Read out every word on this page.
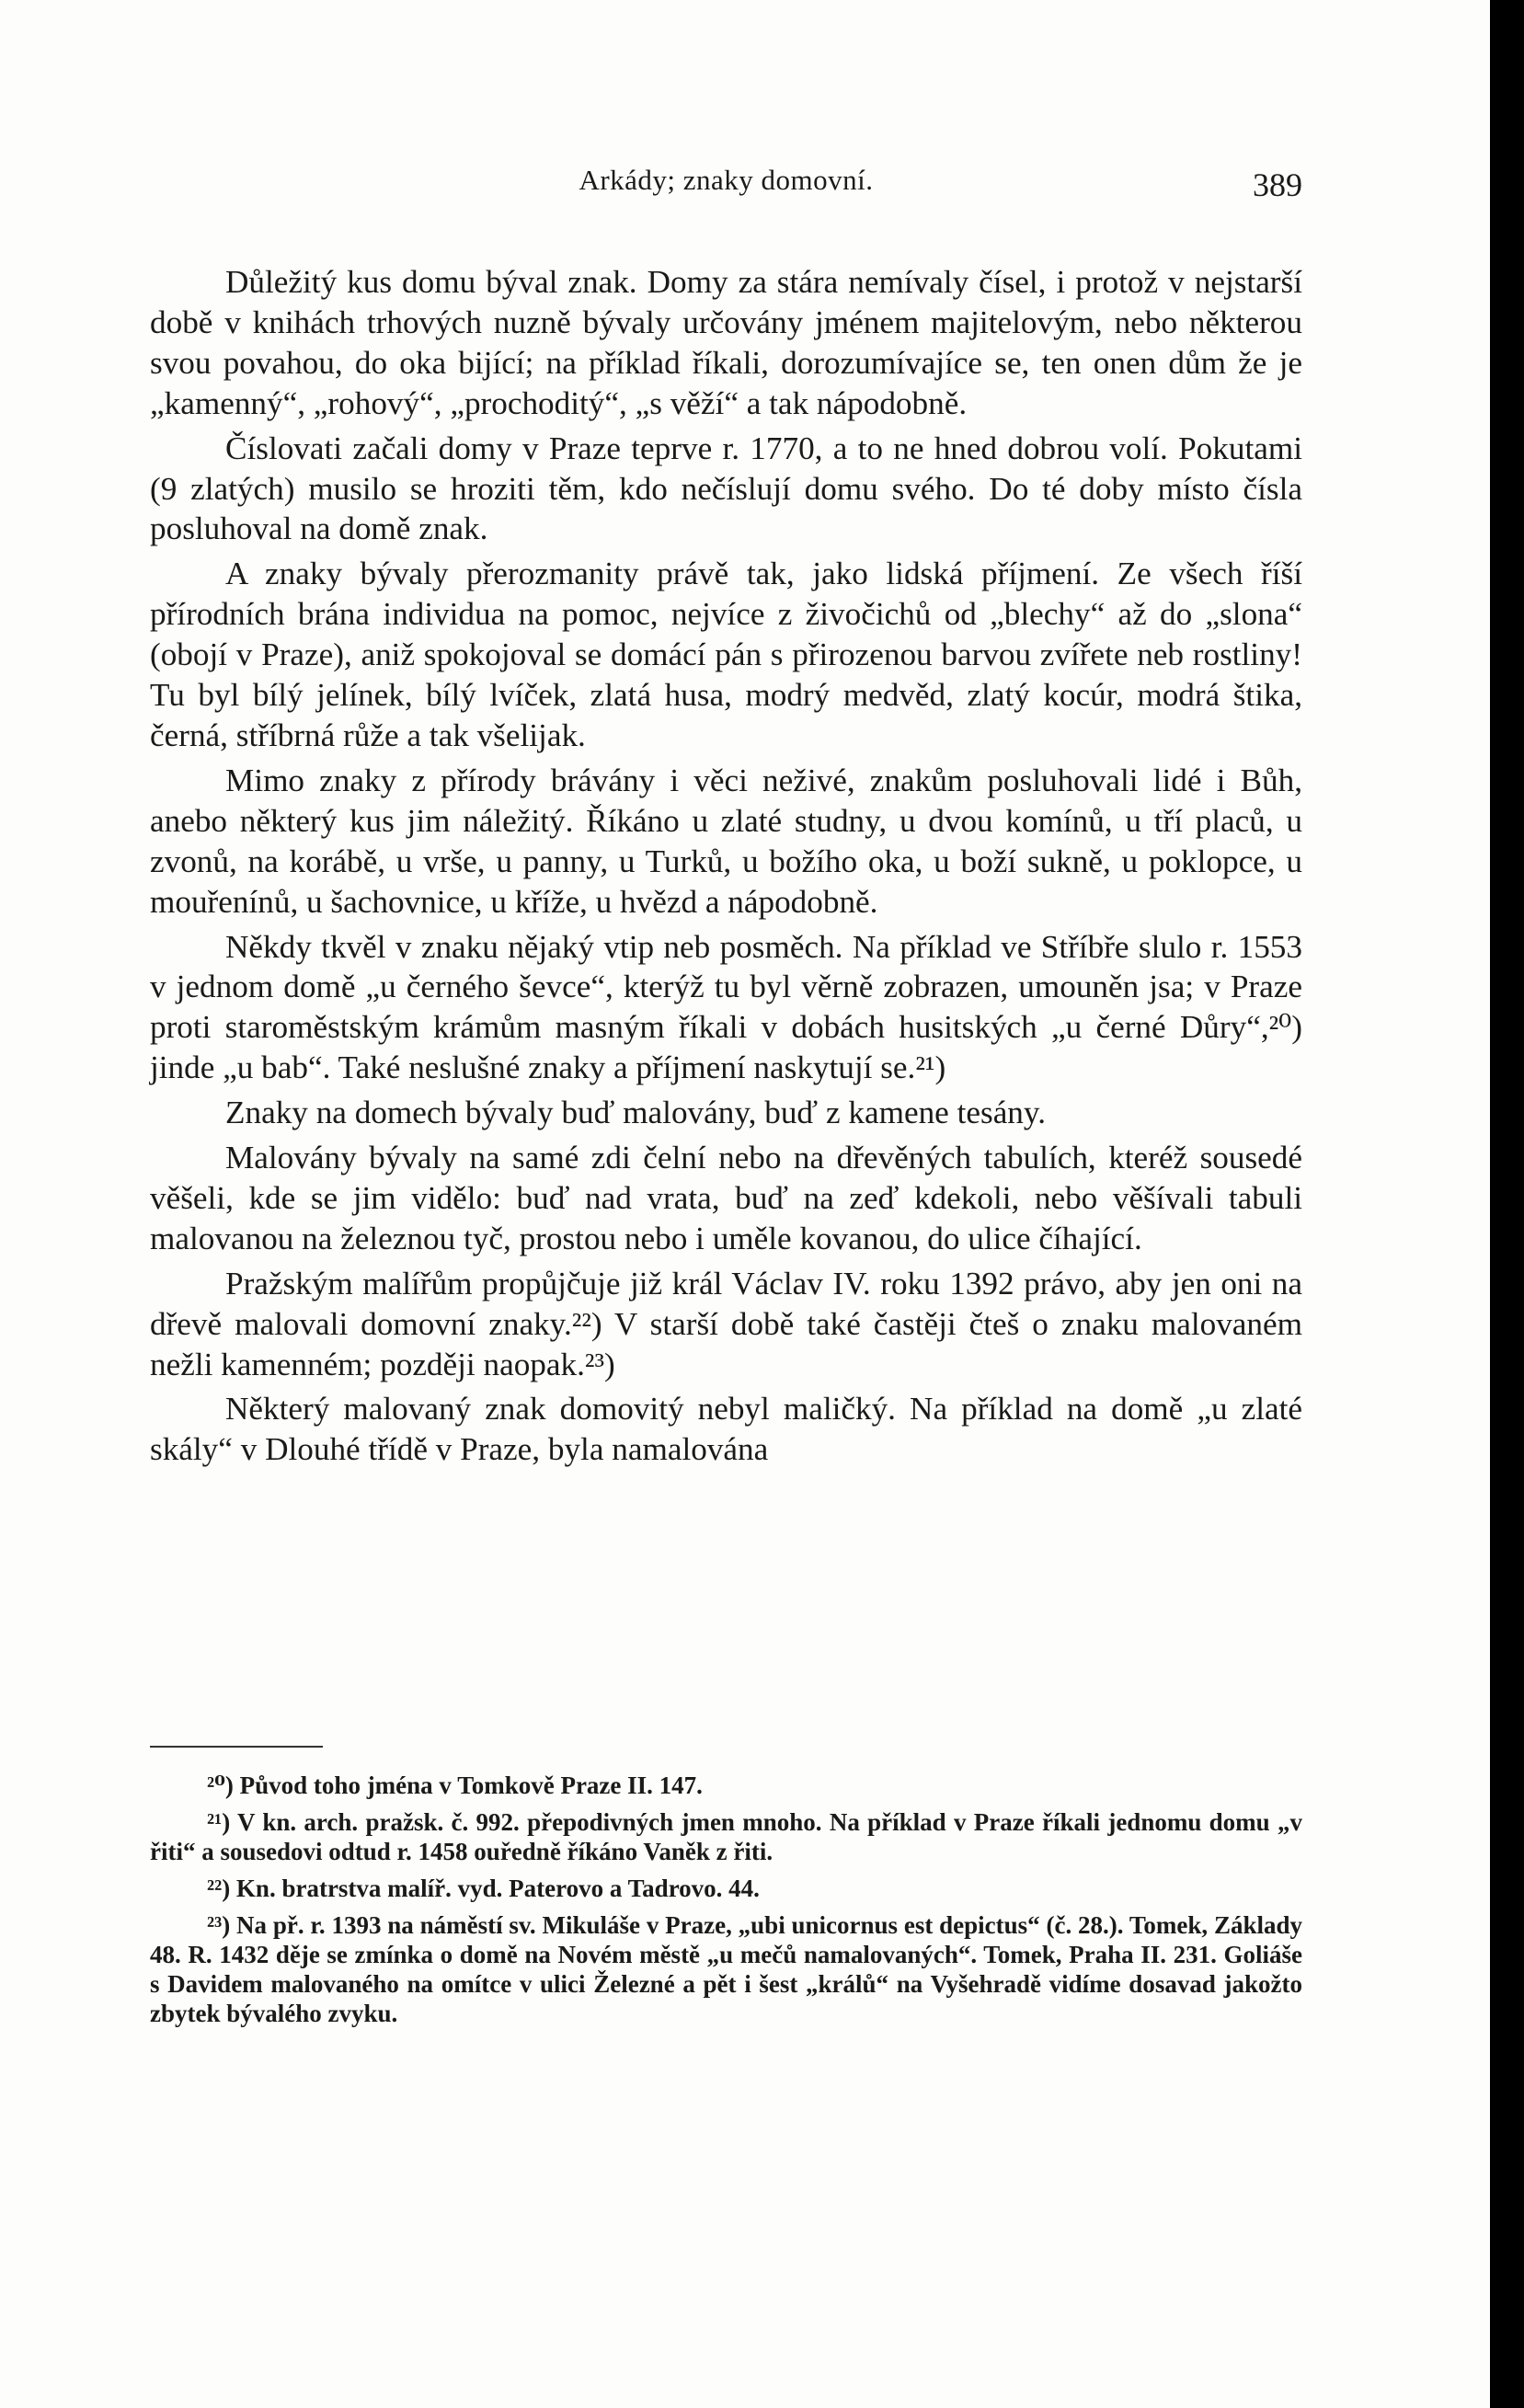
Arkády; znaky domovní.	389

Důležitý kus domu býval znak. Domy za stára nemívaly čísel, i protož v nejstarší době v knihách trhových nuzně bývaly určovány jménem majitelovým, nebo některou svou povahou, do oka bijící; na příklad říkali, dorozumívajíce se, ten onen dům že je „kamenný“, „rohový“, „prochoditý“, „s věží“ a tak nápodobně.

Číslovati začali domy v Praze teprve r. 1770, a to ne hned dobrou volí. Pokutami (9 zlatých) musilo se hroziti těm, kdo nečíslují domu svého. Do té doby místo čísla posluhoval na domě znak.

A znaky bývaly přerozmanity právě tak, jako lidská příjmení. Ze všech říší přírodních brána individua na pomoc, nejvíce z živočichů od „blechy“ až do „slona“ (obojí v Praze), aniž spokojoval se domácí pán s přirozenou barvou zvířete neb rostliny! Tu byl bílý jelínek, bílý lvíček, zlatá husa, modrý medvěd, zlatý kocúr, modrá štika, černá, stříbrná růže a tak všelijak.

Mimo znaky z přírody brávány i věci neživé, znakům posluhovali lidé i Bůh, anebo některý kus jim náležitý. Říkáno u zlaté studny, u dvou komínů, u tří placů, u zvonů, na korábě, u vrše, u panny, u Turků, u božího oka, u boží sukně, u poklopce, u mouřenínů, u šachovnice, u kříže, u hvězd a nápodobně.

Někdy tkvěl v znaku nějaký vtip neb posměch. Na příklad ve Stříbře slulo r. 1553 v jednom domě „u černého ševce“, kterýž tu byl věrně zobrazen, umouněn jsa; v Praze proti staroměstským krámům masným říkali v dobách husitských „u černé Důry“,²⁰) jinde „u bab“. Také neslušné znaky a příjmení naskytují se.²¹)

Znaky na domech bývaly buď malovány, buď z kamene tesány.

Malovány bývaly na samé zdi čelní nebo na dřevěných tabulích, kteréž sousedé věšeli, kde se jim vidělo: buď nad vrata, buď na zeď kdekoli, nebo věšívali tabuli malovanou na železnou tyč, prostou nebo i uměle kovanou, do ulice číhající.

Pražským malířům propůjčuje již král Václav IV. roku 1392 právo, aby jen oni na dřevě malovali domovní znaky.²²) V starší době také častěji čteš o znaku malovaném nežli kamenném; později naopak.²³)

Některý malovaný znak domovitý nebyl maličký. Na příklad na domě „u zlaté skály“ v Dlouhé třídě v Praze, byla namalována

²⁰) Původ toho jména v Tomkově Praze II. 147.

²¹) V kn. arch. pražsk. č. 992. přepodivných jmen mnoho. Na příklad v Praze říkali jednomu domu „v řiti“ a sousedovi odtud r. 1458 ouředně říkáno Vaněk z řiti.

²²) Kn. bratrstva malíř. vyd. Paterovo a Tadrovo. 44.

²³) Na př. r. 1393 na náměstí sv. Mikuláše v Praze, „ubi unicornus est depictus“ (č. 28.). Tomek, Základy 48. R. 1432 děje se zmínka o domě na Novém městě „u mečů namalovaných“. Tomek, Praha II. 231. Goliáše s Davidem malovaného na omítce v ulici Železné a pět i šest „králů“ na Vyšehradě vidíme dosavad jakožto zbytek bývalého zvyku.
